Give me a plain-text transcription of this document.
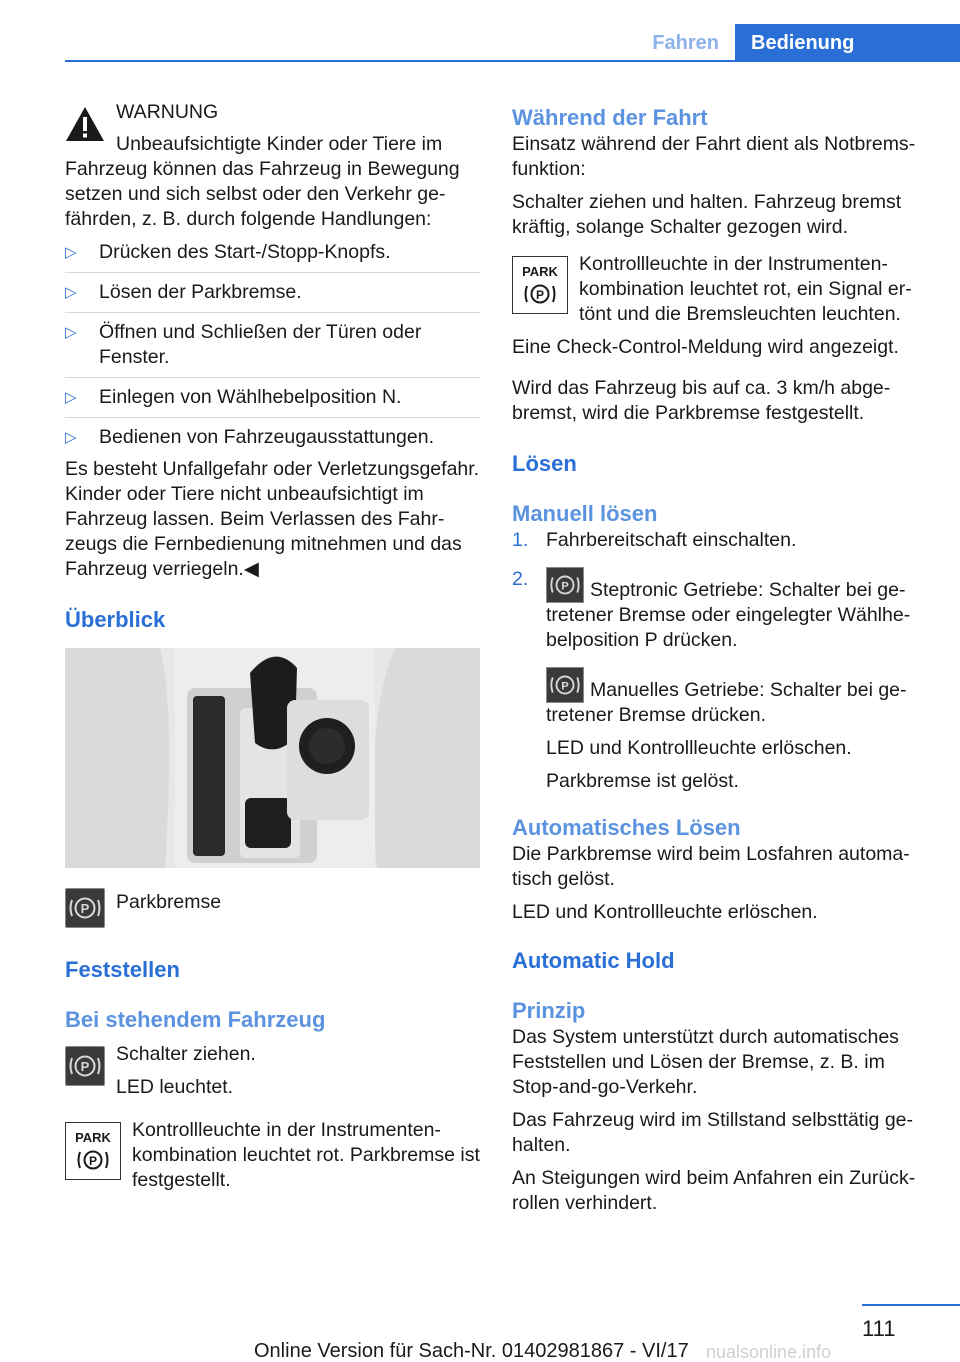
Fahren	Bedienung

WARNUNG

Unbeaufsichtigte Kinder oder Tiere im Fahrzeug können das Fahrzeug in Bewegung setzen und sich selbst oder den Verkehr gefährden, z. B. durch folgende Handlungen:

▷ Drücken des Start-/Stopp-Knopfs.
▷ Lösen der Parkbremse.
▷ Öffnen und Schließen der Türen oder Fenster.
▷ Einlegen von Wählhebelposition N.
▷ Bedienen von Fahrzeugausstattungen.

Es besteht Unfallgefahr oder Verletzungsgefahr. Kinder oder Tiere nicht unbeaufsichtigt im Fahrzeug lassen. Beim Verlassen des Fahrzeugs die Fernbedienung mitnehmen und das Fahrzeug verriegeln.◀

Überblick
P Parkbremse

Feststellen
Bei stehendem Fahrzeug
P

Schalter ziehen.

LED leuchtet.

PARK
P

Kontrollleuchte in der Instrumentenkombination leuchtet rot. Parkbremse ist festgestellt.

Während der Fahrt

Einsatz während der Fahrt dient als Notbremsfunktion:

Schalter ziehen und halten. Fahrzeug bremst kräftig, solange Schalter gezogen wird.

PARK
P

Kontrollleuchte in der Instrumentenkombination leuchtet rot, ein Signal ertönt und die Bremsleuchten leuchten.

Eine Check-Control-Meldung wird angezeigt.

Wird das Fahrzeug bis auf ca. 3 km/h abgebremst, wird die Parkbremse festgestellt.

Lösen
Manuell lösen
1. Fahrbereitschaft einschalten.
2.	P Steptronic Getriebe: Schalter bei getretener Bremse oder eingelegter Wählhebelposition P drücken.

P Manuelles Getriebe: Schalter bei getretener Bremse drücken.

LED und Kontrollleuchte erlöschen.

Parkbremse ist gelöst.

Automatisches Lösen

Die Parkbremse wird beim Losfahren automatisch gelöst.

LED und Kontrollleuchte erlöschen.

Automatic Hold
Prinzip

Das System unterstützt durch automatisches Feststellen und Lösen der Bremse, z. B. im Stop-and-go-Verkehr.

Das Fahrzeug wird im Stillstand selbsttätig gehalten.

An Steigungen wird beim Anfahren ein Zurückrollen verhindert.

111
Online Version für Sach-Nr. 01402981867 - VI/17 nualsonline.info
